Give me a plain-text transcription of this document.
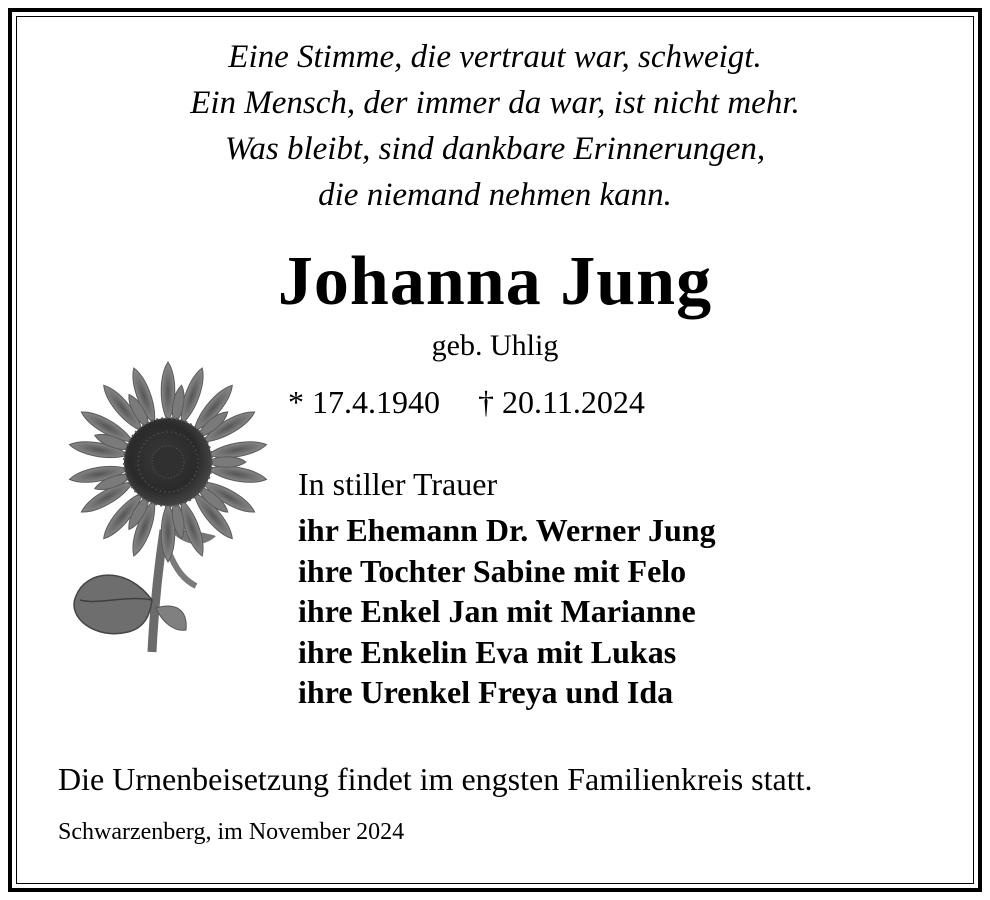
Eine Stimme, die vertraut war, schweigt.
Ein Mensch, der immer da war, ist nicht mehr.
Was bleibt, sind dankbare Erinnerungen,
die niemand nehmen kann.
Johanna Jung
geb. Uhlig
* 17.4.1940 † 20.11.2024
In stiller Trauer
ihr Ehemann Dr. Werner Jung
ihre Tochter Sabine mit Felo
ihre Enkel Jan mit Marianne
ihre Enkelin Eva mit Lukas
ihre Urenkel Freya und Ida
Die Urnenbeisetzung findet im engsten Familienkreis statt.
Schwarzenberg, im November 2024
